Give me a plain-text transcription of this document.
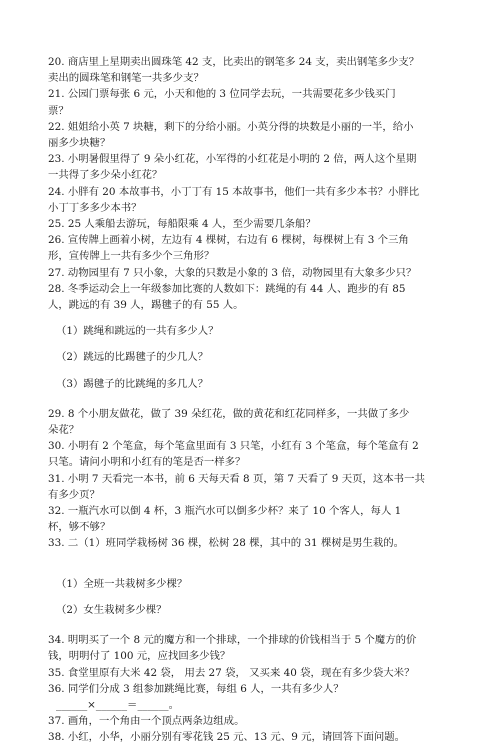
20. 商店里上星期卖出圆珠笔 42 支，比卖出的钢笔多 24 支，卖出钢笔多少支？
卖出的圆珠笔和钢笔一共多少支？
21. 公园门票每张 6 元，小天和他的 3 位同学去玩，一共需要花多少钱买门
票？
22. 姐姐给小英 7 块糖，剩下的分给小丽。小英分得的块数是小丽的一半，给小
丽多少块糖？
23. 小明暑假里得了 9 朵小红花，小军得的小红花是小明的 2 倍，两人这个星期
一共得了多少朵小红花？
24. 小胖有 20 本故事书，小丁丁有 15 本故事书，他们一共有多少本书？小胖比
小丁丁多多少本书？
25. 25 人乘船去游玩，每船限乘 4 人，至少需要几条船？
26. 宣传牌上画着小树，左边有 4 棵树，右边有 6 棵树，每棵树上有 3 个三角
形，宣传牌上一共有多少个三角形？
27. 动物园里有 7 只小象，大象的只数是小象的 3 倍，动物园里有大象多少只？
28. 冬季运动会上一年级参加比赛的人数如下：跳绳的有 44 人、跑步的有 85
人，跳远的有 39 人，踢毽子的有 55 人。
（1）跳绳和跳远的一共有多少人？
（2）跳远的比踢毽子的少几人？
（3）踢毽子的比跳绳的多几人？
29. 8 个小朋友做花，做了 39 朵红花，做的黄花和红花同样多，一共做了多少
朵花？
30. 小明有 2 个笔盒，每个笔盒里面有 3 只笔，小红有 3 个笔盒，每个笔盒有 2
只笔。请问小明和小红有的笔是否一样多？
31. 小明 7 天看完一本书，前 6 天每天看 8 页，第 7 天看了 9 天页，这本书一共
有多少页？
32. 一瓶汽水可以倒 4 杯，3 瓶汽水可以倒多少杯？来了 10 个客人，每人 1
杯，够不够？
33. 二（1）班同学栽杨树 36 棵，松树 28 棵，其中的 31 棵树是男生栽的。
（1）全班一共栽树多少棵？
（2）女生栽树多少棵？
34. 明明买了一个 8 元的魔方和一个排球，一个排球的价钱相当于 5 个魔方的价
钱，明明付了 100 元，应找回多少钱？
35. 食堂里原有大米 42 袋， 用去 27 袋， 又买来 40 袋，现在有多少袋大米？
36. 同学们分成 3 组参加跳绳比赛，每组 6 人，一共有多少人？
______×______＝______。
37. 画角，一个角由一个顶点两条边组成。
38. 小红，小华，小丽分别有零花钱 25 元、13 元、9 元，请回答下面问题。
